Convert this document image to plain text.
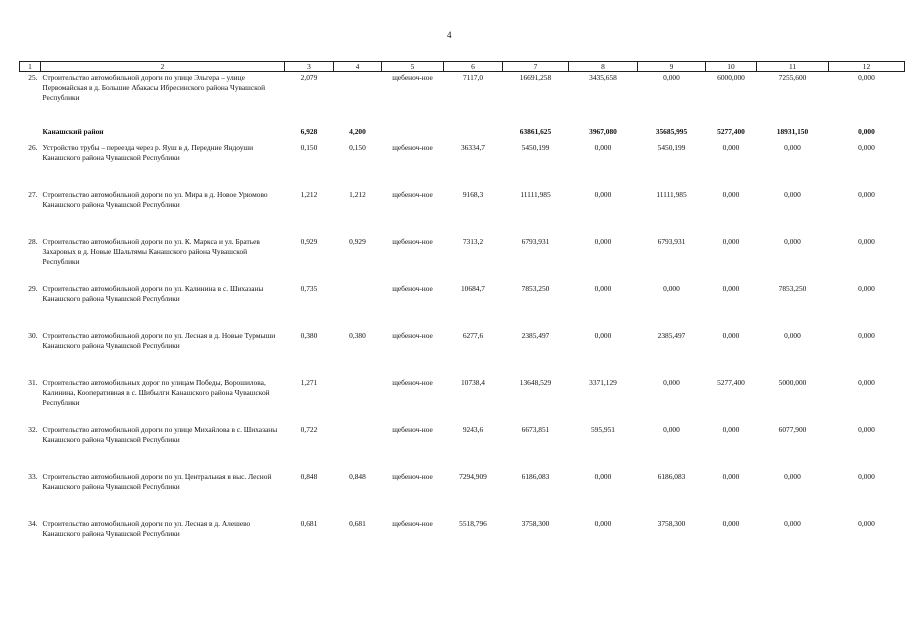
4
1	2	3	4	5	6	7	8	9	10	11	12
25.	Строительство автомобильной дороги по улице Эльгера – улице Первомайская в д. Большие Абакасы Ибресинского района Чувашской Республики	2,079		щебеноч-ное	7117,0	16691,258	3435,658	0,000	6000,000	7255,600	0,000
	Канашский район	6,928	4,200			63861,625	3967,080	35685,995	5277,400	18931,150	0,000
26.	Устройство трубы – переезда через р. Яуш в д. Передние Яндоуши Канашского района Чувашской Республики	0,150	0,150	щебеноч-ное	36334,7	5450,199	0,000	5450,199	0,000	0,000	0,000
27.	Строительство автомобильной дороги по ул. Мира в д. Новое Урюмово Канашского района Чувашской Республики	1,212	1,212	щебеноч-ное	9168,3	11111,985	0,000	11111,985	0,000	0,000	0,000
28.	Строительство автомобильной дороги по ул. К. Маркса и ул. Братьев Захаровых в д. Новые Шальтямы Канашского района Чувашской Республики	0,929	0,929	щебеноч-ное	7313,2	6793,931	0,000	6793,931	0,000	0,000	0,000
29.	Строительство автомобильной дороги по ул. Калинина в с. Шихазаны Канашского района Чувашской Республики	0,735		щебеноч-ное	10684,7	7853,250	0,000	0,000	0,000	7853,250	0,000
30.	Строительство автомобильной дороги по ул. Лесная в д. Новые Турмыши Канашского района Чувашской Республики	0,380	0,380	щебеноч-ное	6277,6	2385,497	0,000	2385,497	0,000	0,000	0,000
31.	Строительство автомобильных дорог по улицам Победы, Ворошилова, Калинина, Кооперативная в с. Шибылги Канашского района Чувашской Республики	1,271		щебеноч-ное	10738,4	13648,529	3371,129	0,000	5277,400	5000,000	0,000
32.	Строительство автомобильной дороги по улице Михайлова в с. Шихазаны Канашского района Чувашской Республики	0,722		щебеноч-ное	9243,6	6673,851	595,951	0,000	0,000	6077,900	0,000
33.	Строительство автомобильной дороги по ул. Центральная в выс. Лесной Канашского района Чувашской Республики	0,848	0,848	щебеноч-ное	7294,909	6186,083	0,000	6186,083	0,000	0,000	0,000
34.	Строительство автомобильной дороги по ул. Лесная в д. Алешево Канашского района Чувашской Республики	0,681	0,681	щебеноч-ное	5518,796	3758,300	0,000	3758,300	0,000	0,000	0,000
